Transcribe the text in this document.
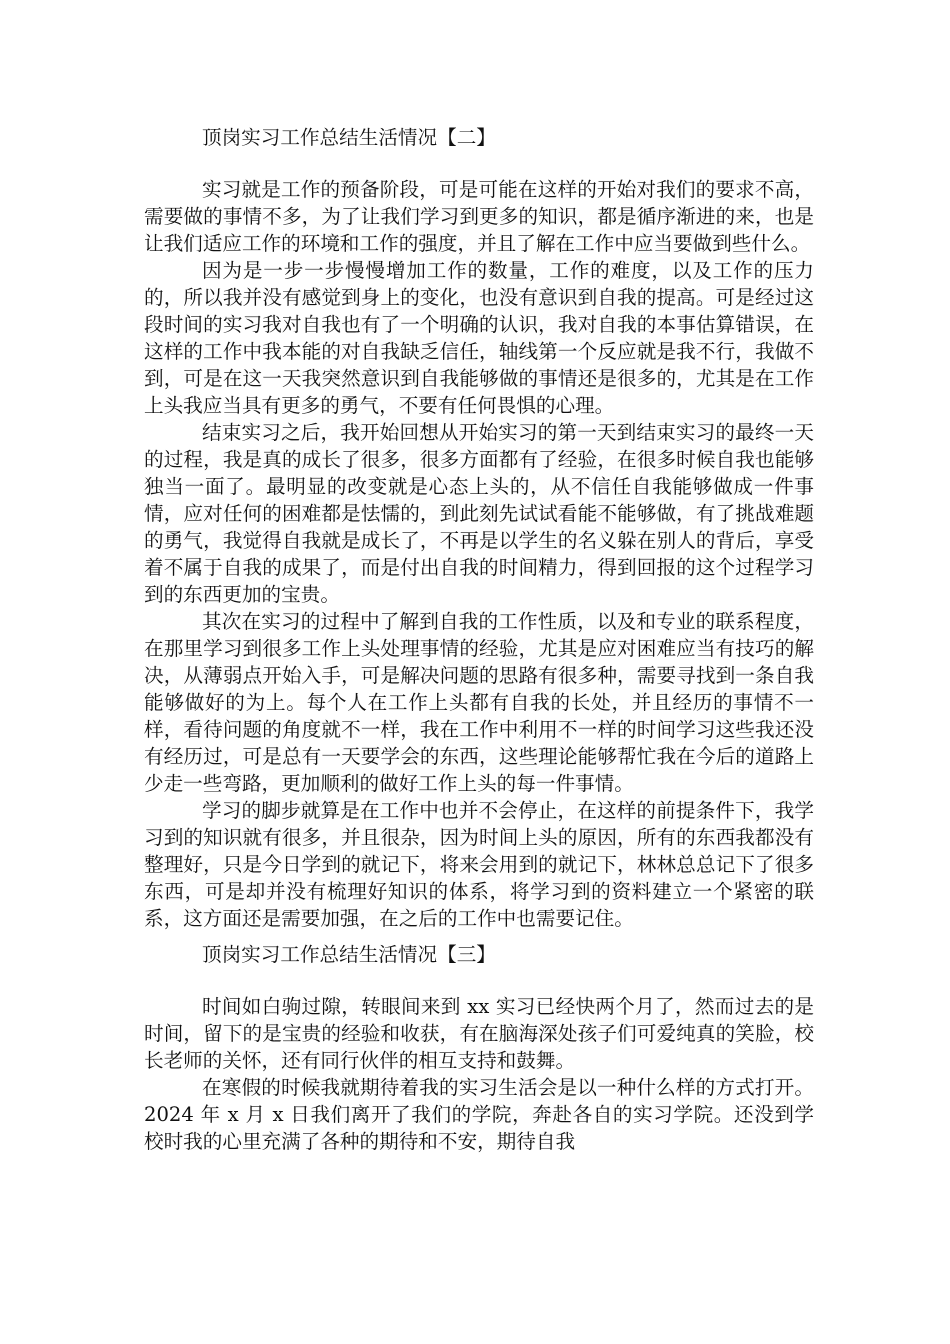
顶岗实习工作总结生活情况【二】

实习就是工作的预备阶段，可是可能在这样的开始对我们的要求不高，需要做的事情不多，为了让我们学习到更多的知识，都是循序渐进的来，也是让我们适应工作的环境和工作的强度，并且了解在工作中应当要做到些什么。

因为是一步一步慢慢增加工作的数量，工作的难度，以及工作的压力的，所以我并没有感觉到身上的变化，也没有意识到自我的提高。可是经过这段时间的实习我对自我也有了一个明确的认识，我对自我的本事估算错误，在这样的工作中我本能的对自我缺乏信任，轴线第一个反应就是我不行，我做不到，可是在这一天我突然意识到自我能够做的事情还是很多的，尤其是在工作上头我应当具有更多的勇气，不要有任何畏惧的心理。

结束实习之后，我开始回想从开始实习的第一天到结束实习的最终一天的过程，我是真的成长了很多，很多方面都有了经验，在很多时候自我也能够独当一面了。最明显的改变就是心态上头的，从不信任自我能够做成一件事情，应对任何的困难都是怯懦的，到此刻先试试看能不能够做，有了挑战难题的勇气，我觉得自我就是成长了，不再是以学生的名义躲在别人的背后，享受着不属于自我的成果了，而是付出自我的时间精力，得到回报的这个过程学习到的东西更加的宝贵。

其次在实习的过程中了解到自我的工作性质，以及和专业的联系程度，在那里学习到很多工作上头处理事情的经验，尤其是应对困难应当有技巧的解决，从薄弱点开始入手，可是解决问题的思路有很多种，需要寻找到一条自我能够做好的为上。每个人在工作上头都有自我的长处，并且经历的事情不一样，看待问题的角度就不一样，我在工作中利用不一样的时间学习这些我还没有经历过，可是总有一天要学会的东西，这些理论能够帮忙我在今后的道路上少走一些弯路，更加顺利的做好工作上头的每一件事情。

学习的脚步就算是在工作中也并不会停止，在这样的前提条件下，我学习到的知识就有很多，并且很杂，因为时间上头的原因，所有的东西我都没有整理好，只是今日学到的就记下，将来会用到的就记下，林林总总记下了很多东西，可是却并没有梳理好知识的体系，将学习到的资料建立一个紧密的联系，这方面还是需要加强，在之后的工作中也需要记住。

顶岗实习工作总结生活情况【三】

时间如白驹过隙，转眼间来到 xx 实习已经快两个月了，然而过去的是时间，留下的是宝贵的经验和收获，有在脑海深处孩子们可爱纯真的笑脸，校长老师的关怀，还有同行伙伴的相互支持和鼓舞。

在寒假的时候我就期待着我的实习生活会是以一种什么样的方式打开。2024 年 x 月 x 日我们离开了我们的学院，奔赴各自的实习学院。还没到学校时我的心里充满了各种的期待和不安，期待自我
